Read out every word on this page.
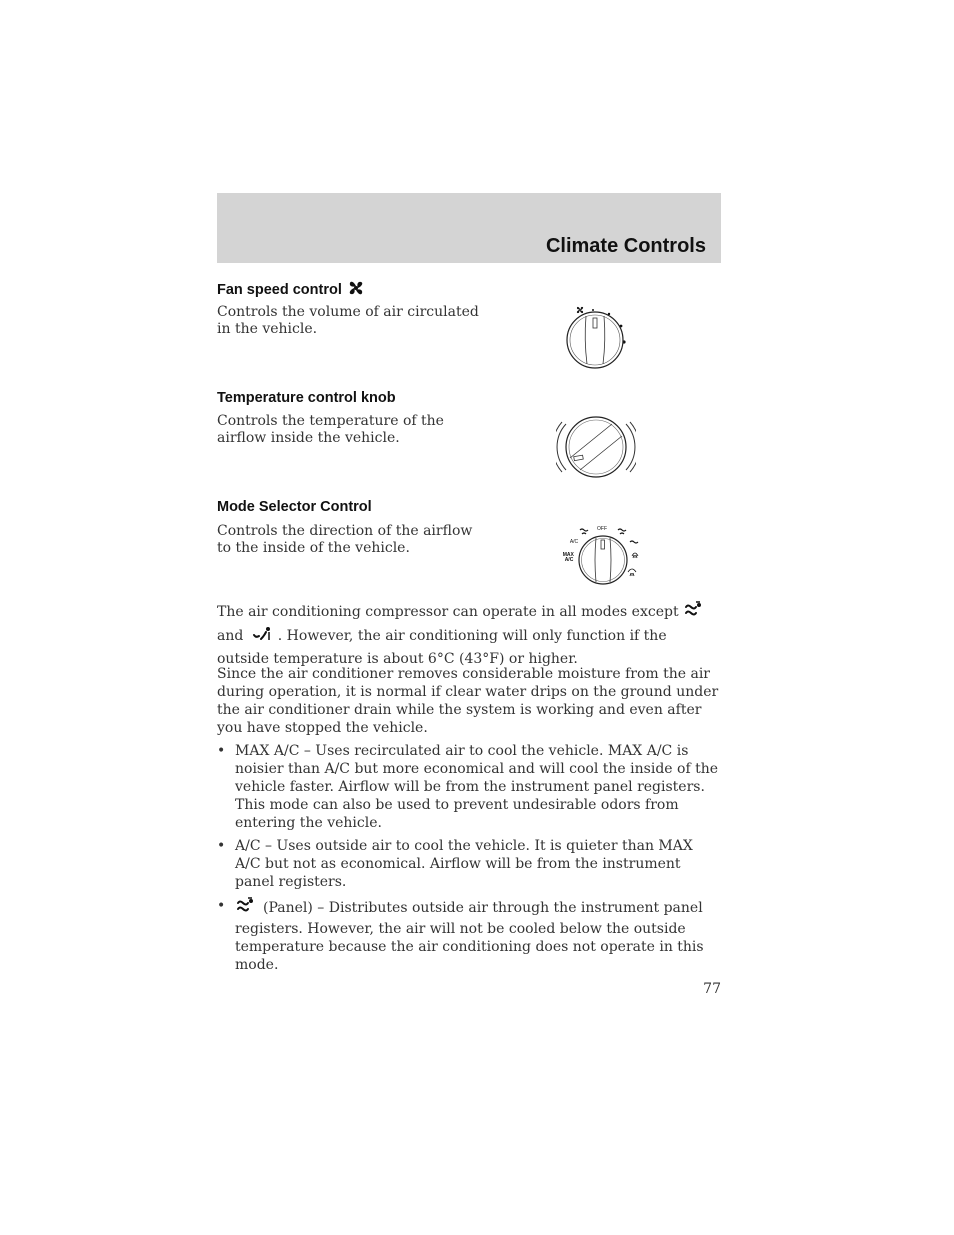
Climate Controls
Fan speed control
Controls the volume of air circulated in the vehicle.
Temperature control knob
Controls the temperature of the airflow inside the vehicle.
Mode Selector Control
Controls the direction of the airflow to the inside of the vehicle.
OFF
A/C
MAX A/C
The air conditioning compressor can operate in all modes except
and . However, the air conditioning will only function if the outside temperature is about 6°C (43°F) or higher.
Since the air conditioner removes considerable moisture from the air during operation, it is normal if clear water drips on the ground under the air conditioner drain while the system is working and even after you have stopped the vehicle.
• MAX A/C – Uses recirculated air to cool the vehicle. MAX A/C is noisier than A/C but more economical and will cool the inside of the vehicle faster. Airflow will be from the instrument panel registers. This mode can also be used to prevent undesirable odors from entering the vehicle.
• A/C – Uses outside air to cool the vehicle. It is quieter than MAX A/C but not as economical. Airflow will be from the instrument panel registers.
•	(Panel) – Distributes outside air through the instrument panel registers. However, the air will not be cooled below the outside temperature because the air conditioning does not operate in this mode.
77
